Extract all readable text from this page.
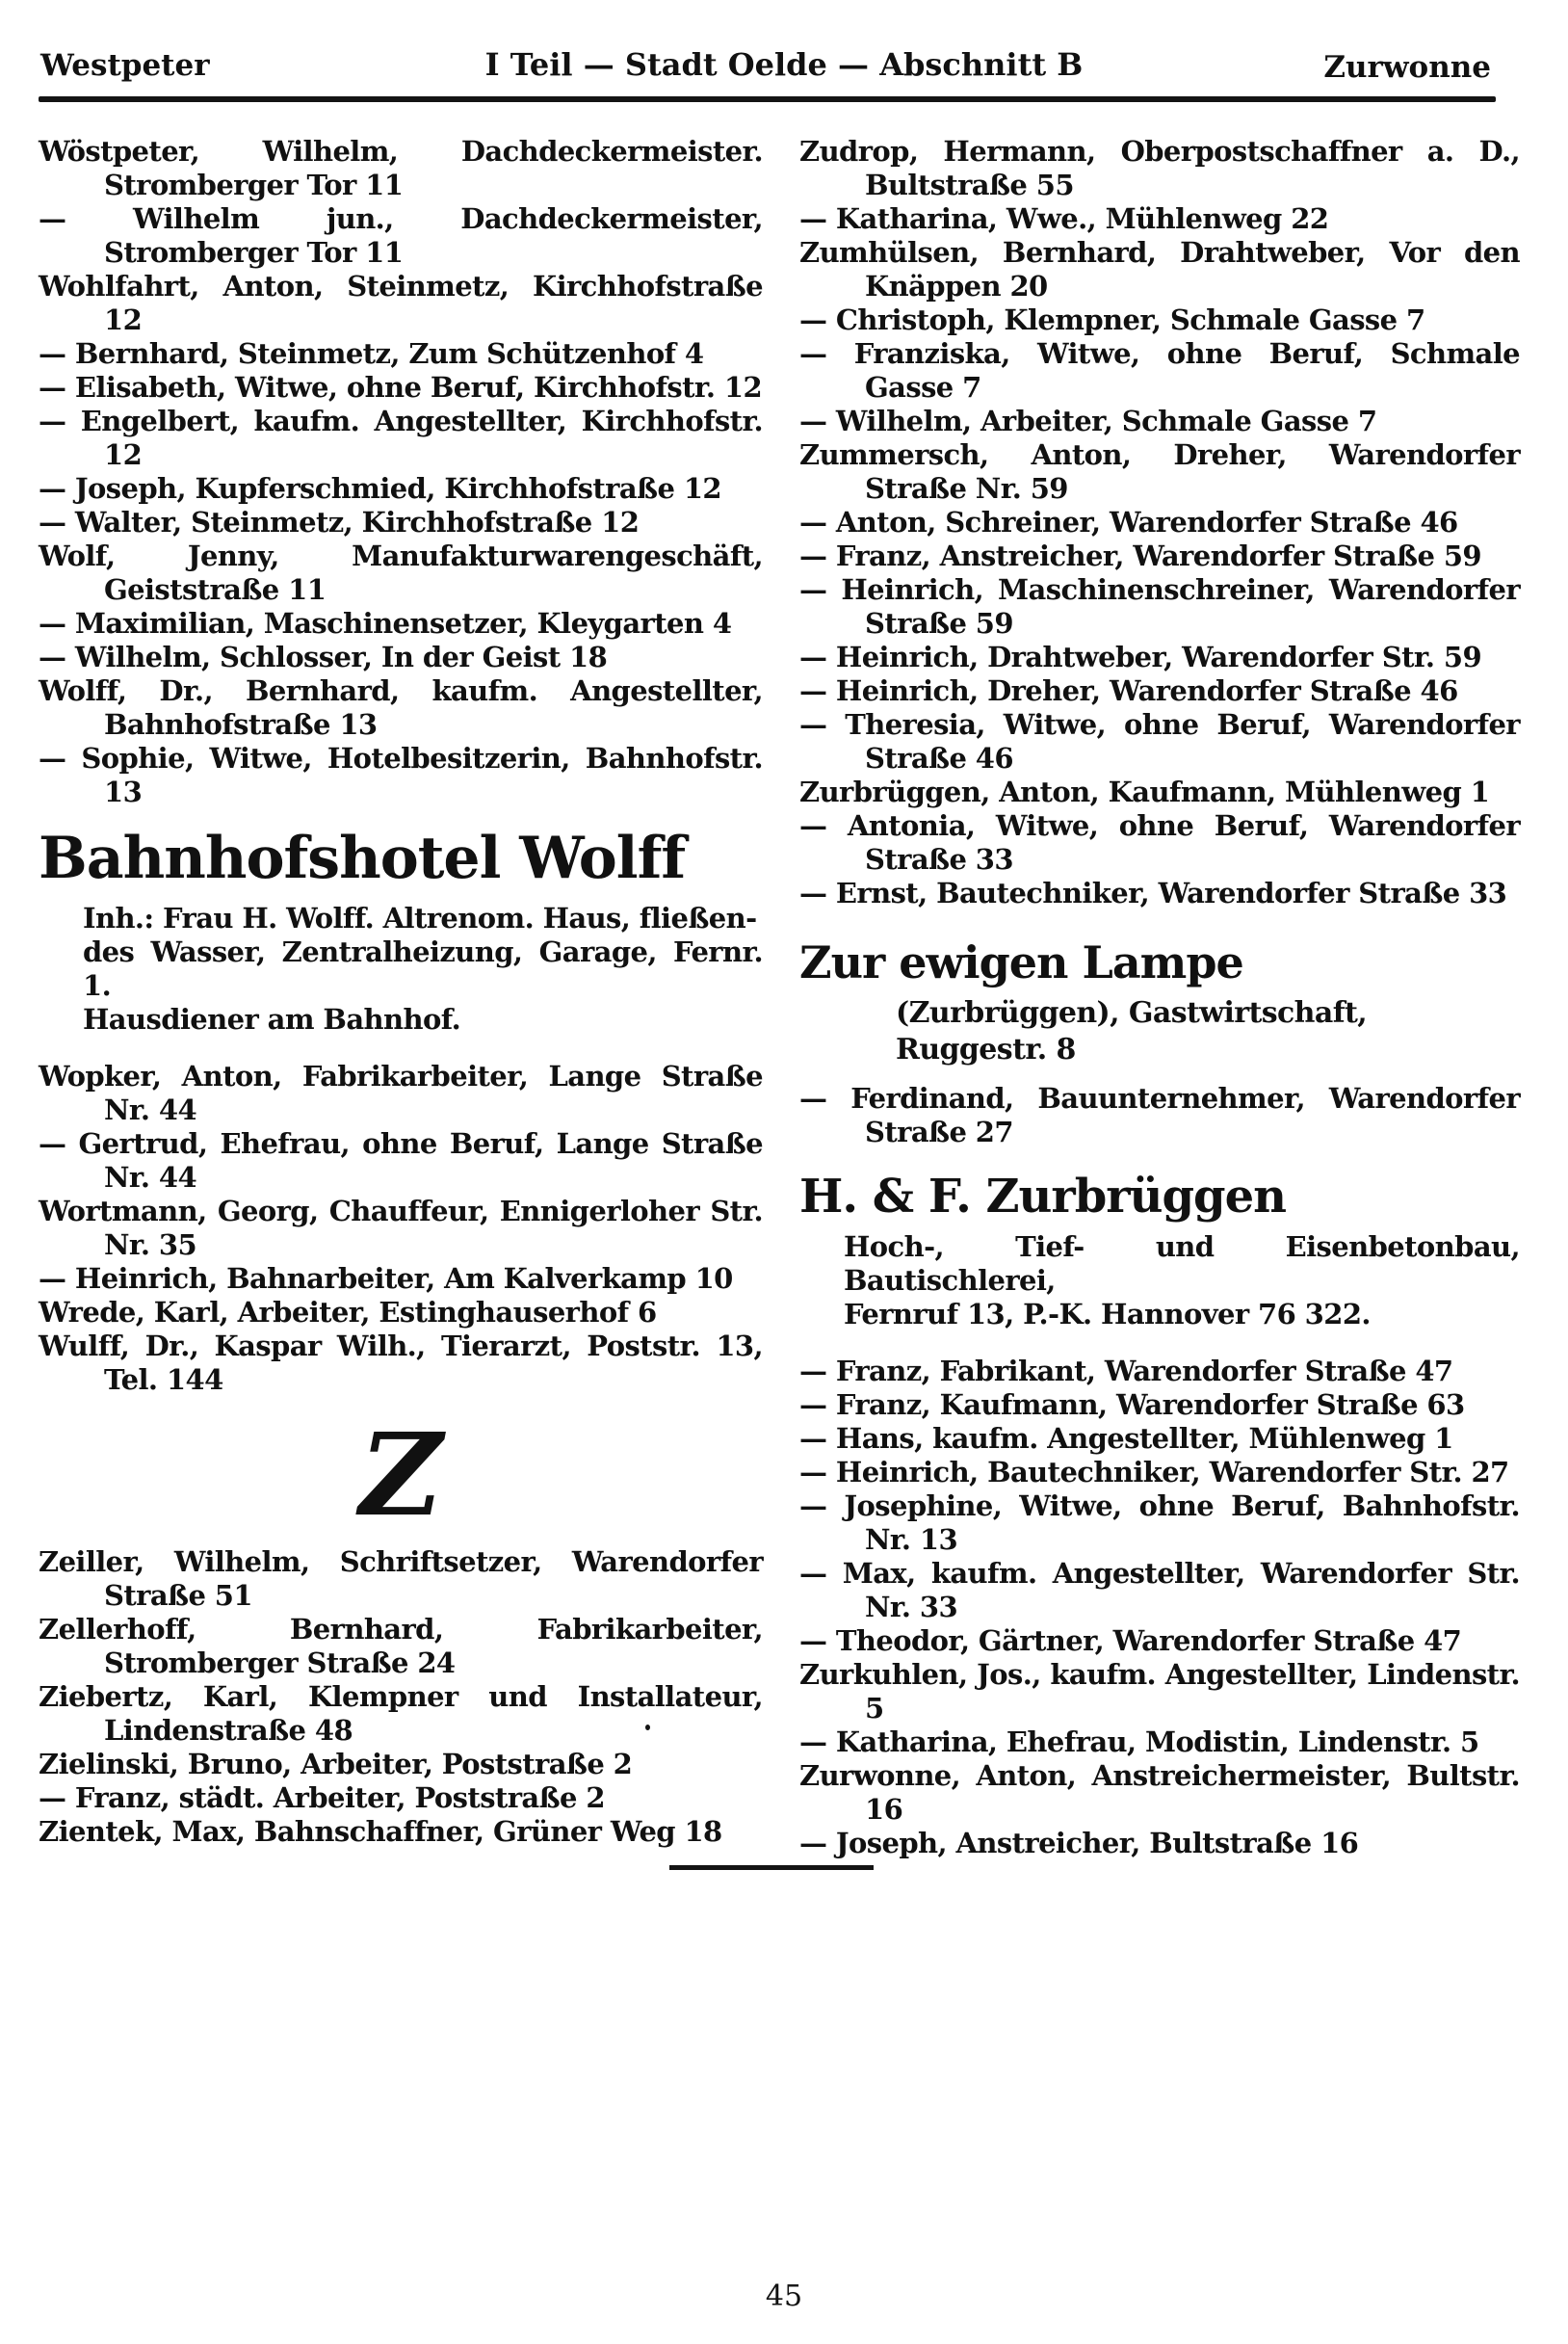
Westpeter	I Teil — Stadt Oelde — Abschnitt B	Zurwonne

Wöstpeter, Wilhelm, Dachdeckermeister. Stromberger Tor 11

— Wilhelm jun., Dachdeckermeister, Stromberger Tor 11

Wohlfahrt, Anton, Steinmetz, Kirchhofstraße 12

— Bernhard, Steinmetz, Zum Schützenhof 4

— Elisabeth, Witwe, ohne Beruf, Kirchhofstr. 12

— Engelbert, kaufm. Angestellter, Kirchhofstr. 12

— Joseph, Kupferschmied, Kirchhofstraße 12

— Walter, Steinmetz, Kirchhofstraße 12

Wolf, Jenny, Manufakturwarengeschäft, Geiststraße 11

— Maximilian, Maschinensetzer, Kleygarten 4

— Wilhelm, Schlosser, In der Geist 18

Wolff, Dr., Bernhard, kaufm. Angestellter, Bahnhofstraße 13

— Sophie, Witwe, Hotelbesitzerin, Bahnhofstr. 13

Bahnhofshotel Wolff
Inh.: Frau H. Wolff. Altrenom. Haus, fließen-
des Wasser, Zentralheizung, Garage, Fernr. 1.
Hausdiener am Bahnhof.

Wopker, Anton, Fabrikarbeiter, Lange Straße Nr. 44

— Gertrud, Ehefrau, ohne Beruf, Lange Straße Nr. 44

Wortmann, Georg, Chauffeur, Ennigerloher Str. Nr. 35

— Heinrich, Bahnarbeiter, Am Kalverkamp 10

Wrede, Karl, Arbeiter, Estinghauserhof 6

Wulff, Dr., Kaspar Wilh., Tierarzt, Poststr. 13, Tel. 144

Z

Zeiller, Wilhelm, Schriftsetzer, Warendorfer Straße 51

Zellerhoff, Bernhard, Fabrikarbeiter, Stromberger Straße 24

Ziebertz, Karl, Klempner und Installateur, Lindenstraße 48

Zielinski, Bruno, Arbeiter, Poststraße 2

— Franz, städt. Arbeiter, Poststraße 2

Zientek, Max, Bahnschaffner, Grüner Weg 18

Zudrop, Hermann, Oberpostschaffner a. D., Bultstraße 55

— Katharina, Wwe., Mühlenweg 22

Zumhülsen, Bernhard, Drahtweber, Vor den Knäppen 20

— Christoph, Klempner, Schmale Gasse 7

— Franziska, Witwe, ohne Beruf, Schmale Gasse 7

— Wilhelm, Arbeiter, Schmale Gasse 7

Zummersch, Anton, Dreher, Warendorfer Straße Nr. 59

— Anton, Schreiner, Warendorfer Straße 46

— Franz, Anstreicher, Warendorfer Straße 59

— Heinrich, Maschinenschreiner, Warendorfer Straße 59

— Heinrich, Drahtweber, Warendorfer Str. 59

— Heinrich, Dreher, Warendorfer Straße 46

— Theresia, Witwe, ohne Beruf, Warendorfer Straße 46

Zurbrüggen, Anton, Kaufmann, Mühlenweg 1

— Antonia, Witwe, ohne Beruf, Warendorfer Straße 33

— Ernst, Bautechniker, Warendorfer Straße 33

Zur ewigen Lampe
(Zurbrüggen), Gastwirtschaft, Ruggestr. 8

— Ferdinand, Bauunternehmer, Warendorfer Straße 27

H. & F. Zurbrüggen
Hoch-, Tief- und Eisenbetonbau, Bautischlerei,
Fernruf 13, P.-K. Hannover 76 322.

— Franz, Fabrikant, Warendorfer Straße 47

— Franz, Kaufmann, Warendorfer Straße 63

— Hans, kaufm. Angestellter, Mühlenweg 1

— Heinrich, Bautechniker, Warendorfer Str. 27

— Josephine, Witwe, ohne Beruf, Bahnhofstr. Nr. 13

— Max, kaufm. Angestellter, Warendorfer Str. Nr. 33

— Theodor, Gärtner, Warendorfer Straße 47

Zurkuhlen, Jos., kaufm. Angestellter, Lindenstr. 5

— Katharina, Ehefrau, Modistin, Lindenstr. 5

Zurwonne, Anton, Anstreichermeister, Bultstr. 16

— Joseph, Anstreicher, Bultstraße 16

45
